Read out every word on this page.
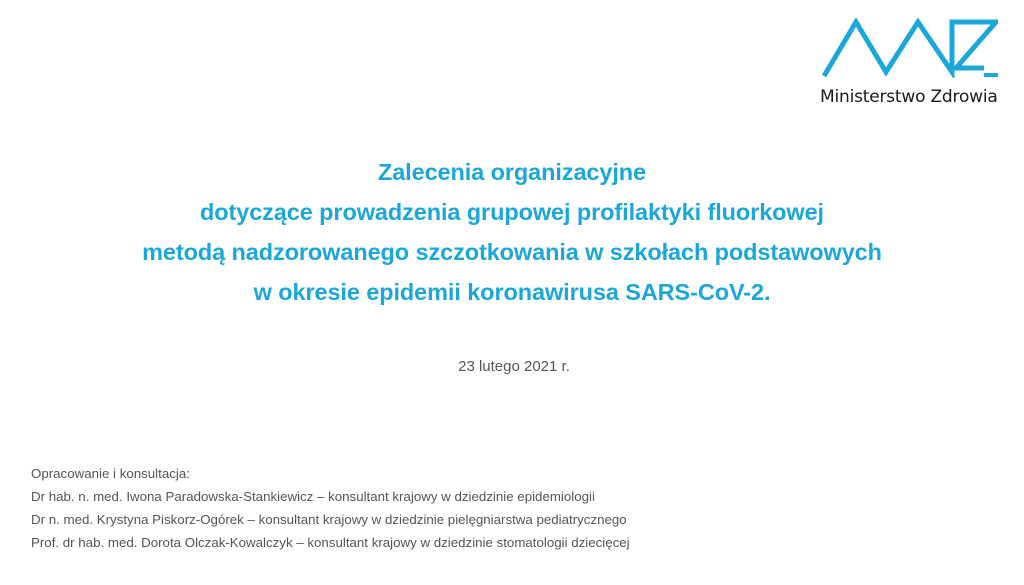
Ministerstwo Zdrowia
Zalecenia organizacyjne
dotyczące prowadzenia grupowej profilaktyki fluorkowej
metodą nadzorowanego szczotkowania w szkołach podstawowych
w okresie epidemii koronawirusa SARS-CoV-2.
23 lutego 2021 r.
Opracowanie i konsultacja:
Dr hab. n. med. Iwona Paradowska-Stankiewicz – konsultant krajowy w dziedzinie epidemiologii
Dr n. med. Krystyna Piskorz-Ogórek – konsultant krajowy w dziedzinie pielęgniarstwa pediatrycznego
Prof. dr hab. med. Dorota Olczak-Kowalczyk – konsultant krajowy w dziedzinie stomatologii dziecięcej
